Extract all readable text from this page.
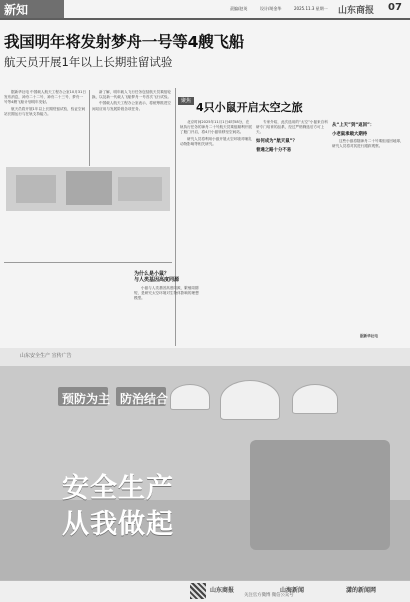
新知	责编/赵英	设计/胡金华	2025.11.3 星期一 山东商报 07
我国明年将发射梦舟一号等4艘飞船
航天员开展1年以上长期驻留试验

据新华社电 中国载人航天工程办公室10月31日发布消息，神舟二十二号、神舟二十三号、梦舟一号等4艘飞船计划明年发射。

航天员将开展1年以上长期驻留试验，验证空间站长期运行与在轨支持能力。

新了解，明年载人飞行任务包括航天员乘组轮换，以及新一代载人飞船梦舟一号首次飞行试验。

中国载人航天工程办公室表示，将统筹推进空间站应用与发展阶段各项任务。

聚焦 4只小鼠开启太空之旅

北京时间2025年11月1日4时58分，在轨执行任务的神舟二十号航天员乘组顺利开展了舱门开启，将4只小鼠转移至空间站。

研究人员将利用小鼠开展太空环境对哺乳动物影响等相关研究。

专家介绍，此次选用的“太空”小鼠来自科研专门培育的品系，经过严格筛选后方可上天。

如何成为“航天鼠”？
普通之路十分不易
从“上天”到“返回”：
小老鼠承载大期待

这些小鼠将随神舟二十号乘组返回地球，研究人员将对其进行跟踪观察。

为什么是小鼠？
与人类基因高度同源

小鼠与人类基因高度同源，繁殖周期短，是研究太空环境对生物体影响的理想模型。

据新华社电
山东安全生产 宣传广告
预防为主 防治结合
安全生产
从我做起
山东商报	山海新闻	潇的新闻网
关注官方微博 微信公众号
